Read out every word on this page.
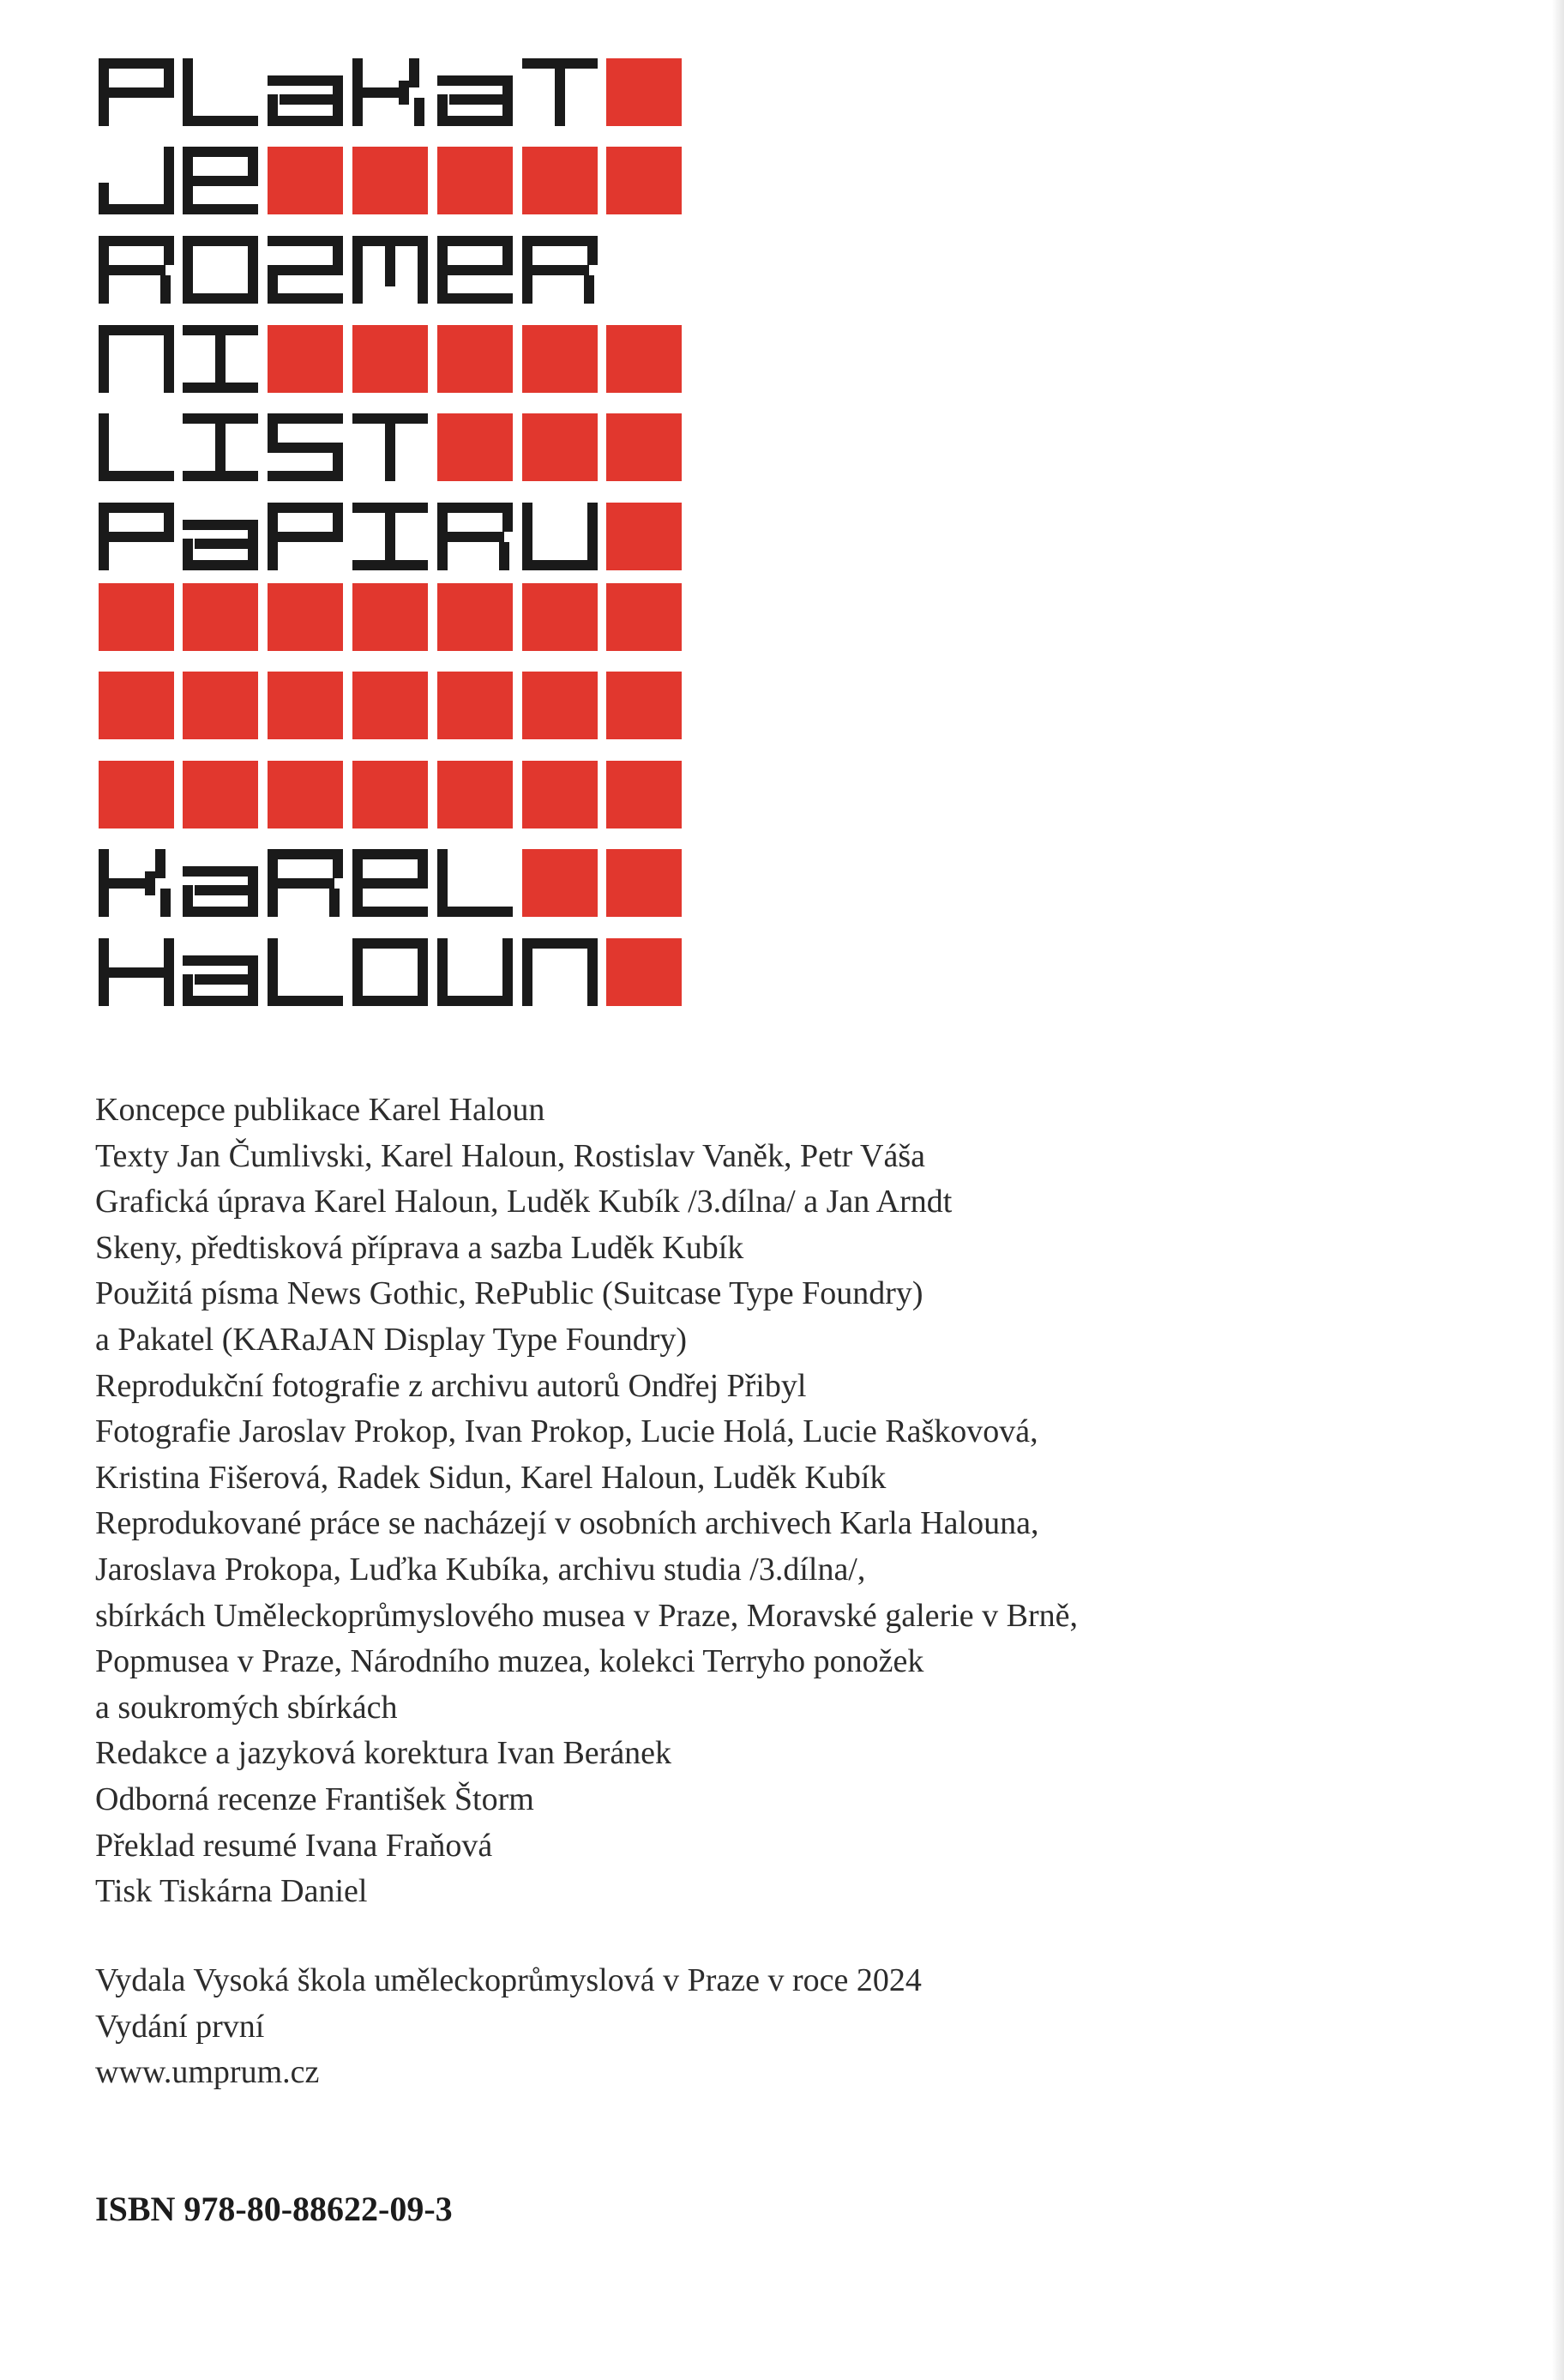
Koncepce publikace Karel Haloun
Texty Jan Čumlivski, Karel Haloun, Rostislav Vaněk, Petr Váša
Grafická úprava Karel Haloun, Luděk Kubík /3.dílna/ a Jan Arndt
Skeny, předtisková příprava a sazba Luděk Kubík
Použitá písma News Gothic, RePublic (Suitcase Type Foundry)
a Pakatel (KARaJAN Display Type Foundry)
Reprodukční fotografie z archivu autorů Ondřej Přibyl
Fotografie Jaroslav Prokop, Ivan Prokop, Lucie Holá, Lucie Raškovová,
Kristina Fišerová, Radek Sidun, Karel Haloun, Luděk Kubík
Reprodukované práce se nacházejí v osobních archivech Karla Halouna,
Jaroslava Prokopa, Luďka Kubíka, archivu studia /3.dílna/,
sbírkách Uměleckoprůmyslového musea v Praze, Moravské galerie v Brně,
Popmusea v Praze, Národního muzea, kolekci Terryho ponožek
a soukromých sbírkách
Redakce a jazyková korektura Ivan Beránek
Odborná recenze František Štorm
Překlad resumé Ivana Fraňová
Tisk Tiskárna Daniel
Vydala Vysoká škola uměleckoprůmyslová v Praze v roce 2024
Vydání první
www.umprum.cz
ISBN 978-80-88622-09-3
